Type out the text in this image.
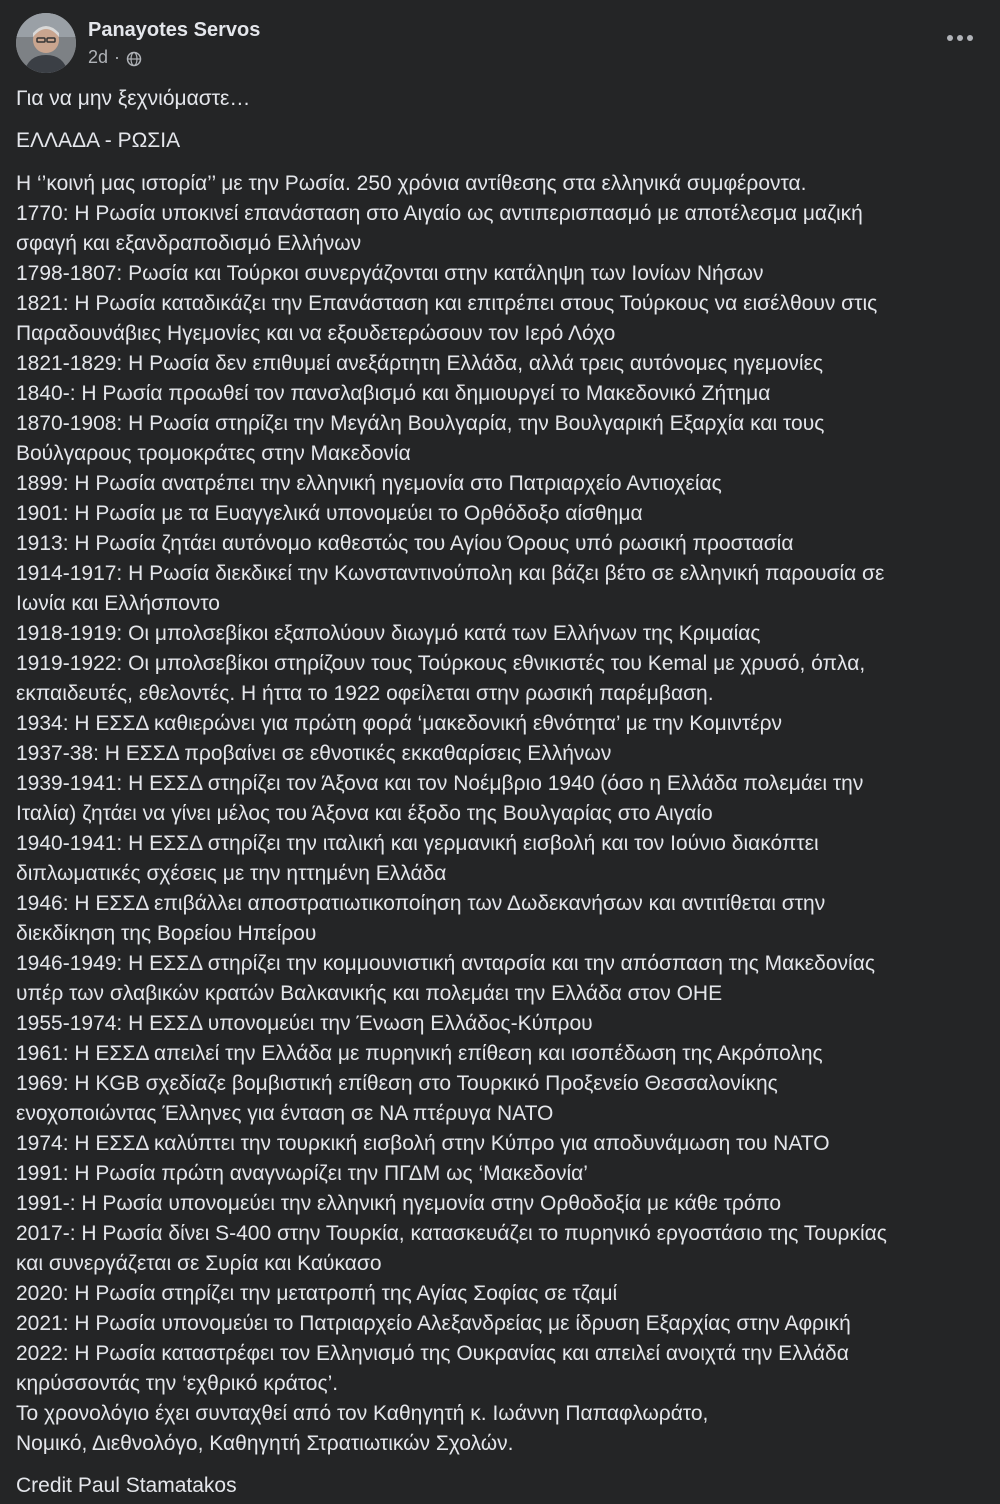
Panayotes Servos
2d ·

Για να μην ξεχνιόμαστε…

ΕΛΛΑΔΑ - ΡΩΣΙΑ

Η ‘’κοινή μας ιστορία’’ με την Ρωσία. 250 χρόνια αντίθεσης στα ελληνικά συμφέροντα.
1770: Η Ρωσία υποκινεί επανάσταση στο Αιγαίο ως αντιπερισπασμό με αποτέλεσμα μαζική
σφαγή και εξανδραποδισμό Ελλήνων
1798-1807: Ρωσία και Τούρκοι συνεργάζονται στην κατάληψη των Ιονίων Νήσων
1821: Η Ρωσία καταδικάζει την Επανάσταση και επιτρέπει στους Τούρκους να εισέλθουν στις
Παραδουνάβιες Ηγεμονίες και να εξουδετερώσουν τον Ιερό Λόχο
1821-1829: Η Ρωσία δεν επιθυμεί ανεξάρτητη Ελλάδα, αλλά τρεις αυτόνομες ηγεμονίες
1840-: Η Ρωσία προωθεί τον πανσλαβισμό και δημιουργεί το Μακεδονικό Ζήτημα
1870-1908: Η Ρωσία στηρίζει την Μεγάλη Βουλγαρία, την Βουλγαρική Εξαρχία και τους
Βούλγαρους τρομοκράτες στην Μακεδονία
1899: Η Ρωσία ανατρέπει την ελληνική ηγεμονία στο Πατριαρχείο Αντιοχείας
1901: Η Ρωσία με τα Ευαγγελικά υπονομεύει το Ορθόδοξο αίσθημα
1913: Η Ρωσία ζητάει αυτόνομο καθεστώς του Αγίου Όρους υπό ρωσική προστασία
1914-1917: Η Ρωσία διεκδικεί την Κωνσταντινούπολη και βάζει βέτο σε ελληνική παρουσία σε
Ιωνία και Ελλήσποντο
1918-1919: Οι μπολσεβίκοι εξαπολύουν διωγμό κατά των Ελλήνων της Κριμαίας
1919-1922: Οι μπολσεβίκοι στηρίζουν τους Τούρκους εθνικιστές του Kemal με χρυσό, όπλα,
εκπαιδευτές, εθελοντές. Η ήττα το 1922 οφείλεται στην ρωσική παρέμβαση.
1934: Η ΕΣΣΔ καθιερώνει για πρώτη φορά ‘μακεδονική εθνότητα’ με την Κομιντέρν
1937-38: Η ΕΣΣΔ προβαίνει σε εθνοτικές εκκαθαρίσεις Ελλήνων
1939-1941: Η ΕΣΣΔ στηρίζει τον Άξονα και τον Νοέμβριο 1940 (όσο η Ελλάδα πολεμάει την
Ιταλία) ζητάει να γίνει μέλος του Άξονα και έξοδο της Βουλγαρίας στο Αιγαίο
1940-1941: Η ΕΣΣΔ στηρίζει την ιταλική και γερμανική εισβολή και τον Ιούνιο διακόπτει
διπλωματικές σχέσεις με την ηττημένη Ελλάδα
1946: Η ΕΣΣΔ επιβάλλει αποστρατιωτικοποίηση των Δωδεκανήσων και αντιτίθεται στην
διεκδίκηση της Βορείου Ηπείρου
1946-1949: Η ΕΣΣΔ στηρίζει την κομμουνιστική ανταρσία και την απόσπαση της Μακεδονίας
υπέρ των σλαβικών κρατών Βαλκανικής και πολεμάει την Ελλάδα στον ΟΗΕ
1955-1974: Η ΕΣΣΔ υπονομεύει την Ένωση Ελλάδος-Κύπρου
1961: Η ΕΣΣΔ απειλεί την Ελλάδα με πυρηνική επίθεση και ισοπέδωση της Ακρόπολης
1969: Η KGB σχεδίαζε βομβιστική επίθεση στο Τουρκικό Προξενείο Θεσσαλονίκης
ενοχοποιώντας Έλληνες για ένταση σε ΝΑ πτέρυγα ΝΑΤΟ
1974: Η ΕΣΣΔ καλύπτει την τουρκική εισβολή στην Κύπρο για αποδυνάμωση του ΝΑΤΟ
1991: Η Ρωσία πρώτη αναγνωρίζει την ΠΓΔΜ ως ‘Μακεδονία’
1991-: Η Ρωσία υπονομεύει την ελληνική ηγεμονία στην Ορθοδοξία με κάθε τρόπο
2017-: Η Ρωσία δίνει S-400 στην Τουρκία, κατασκευάζει το πυρηνικό εργοστάσιο της Τουρκίας
και συνεργάζεται σε Συρία και Καύκασο
2020: Η Ρωσία στηρίζει την μετατροπή της Αγίας Σοφίας σε τζαμί
2021: Η Ρωσία υπονομεύει το Πατριαρχείο Αλεξανδρείας με ίδρυση Εξαρχίας στην Αφρική
2022: Η Ρωσία καταστρέφει τον Ελληνισμό της Ουκρανίας και απειλεί ανοιχτά την Ελλάδα
κηρύσσοντάς την ‘εχθρικό κράτος’.
Το χρονολόγιο έχει συνταχθεί από τον Καθηγητή κ. Ιωάννη Παπαφλωράτο,
Νομικό, Διεθνολόγο, Καθηγητή Στρατιωτικών Σχολών.

Credit Paul Stamatakos
